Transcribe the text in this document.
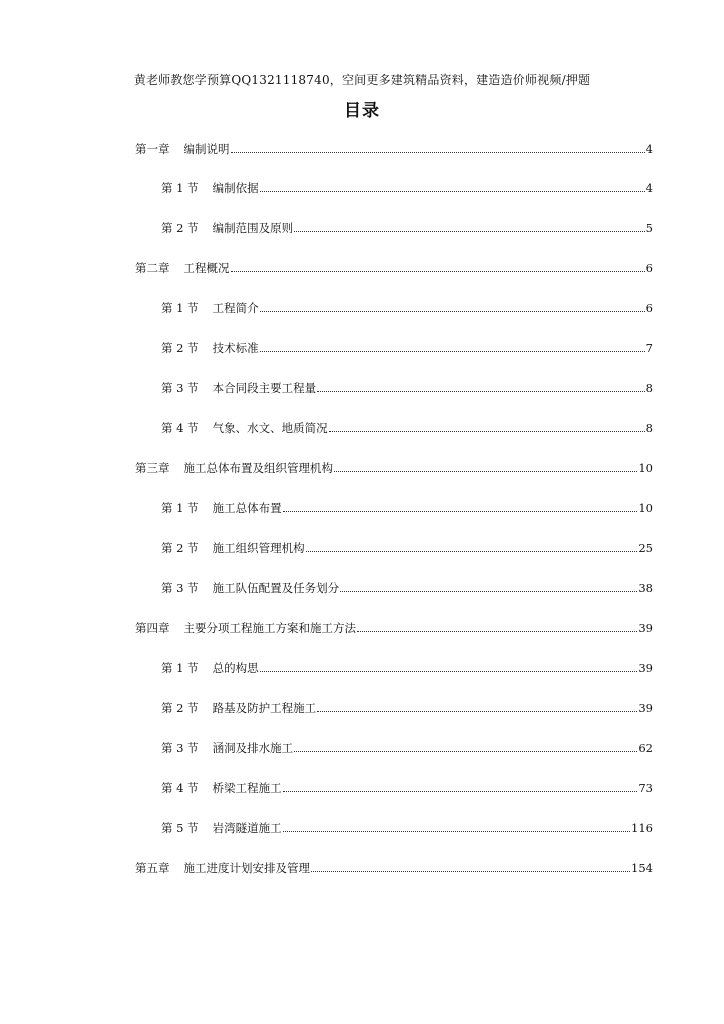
黄老师教您学预算QQ1321118740，空间更多建筑精品资料，建造造价师视频/押题
目录
第一章 编制说明	4
第 1 节 编制依据	4
第 2 节 编制范围及原则	5
第二章 工程概况	6
第 1 节 工程简介	6
第 2 节 技术标准	7
第 3 节 本合同段主要工程量	8
第 4 节 气象、水文、地质简况	8
第三章 施工总体布置及组织管理机构	10
第 1 节 施工总体布置	10
第 2 节 施工组织管理机构	25
第 3 节 施工队伍配置及任务划分	38
第四章 主要分项工程施工方案和施工方法	39
第 1 节 总的构思	39
第 2 节 路基及防护工程施工	39
第 3 节 涵洞及排水施工	62
第 4 节 桥梁工程施工	73
第 5 节 岩湾隧道施工	116
第五章 施工进度计划安排及管理	154
